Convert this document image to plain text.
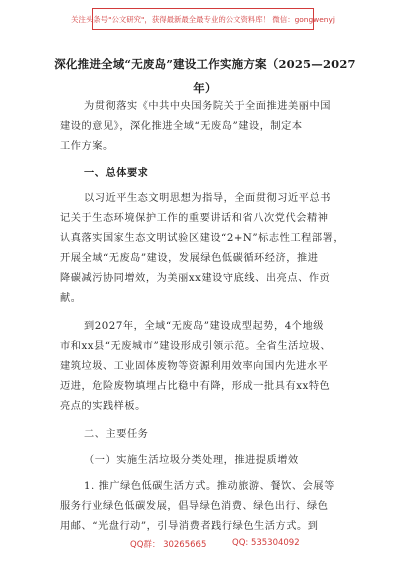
关注头条号"公文研究"，获得最新最全最专业的公文资料库！ 微信：gongwenyj
深化推进全域“无废岛”建设工作实施方案（2025—2027
年）
为贯彻落实《中共中央国务院关于全面推进美丽中国
建设的意见》，深化推进全域“无废岛”建设，制定本
工作方案。
一、总体要求
以习近平生态文明思想为指导，全面贯彻习近平总书
记关于生态环境保护工作的重要讲话和省八次党代会精神
认真落实国家生态文明试验区建设“2+N”标志性工程部署，
开展全域“无废岛”建设，发展绿色低碳循环经济，推进
降碳减污协同增效，为美丽xx建设守底线、出亮点、作贡
献。
到2027年，全域“无废岛”建设成型起势，4个地级
市和xx县“无废城市”建设形成引领示范。全省生活垃圾、
建筑垃圾、工业固体废物等资源利用效率向国内先进水平
迈进，危险废物填埋占比稳中有降，形成一批具有xx特色
亮点的实践样板。
二、主要任务
（一）实施生活垃圾分类处理，推进提质增效
1. 推广绿色低碳生活方式。推动旅游、餐饮、会展等
服务行业绿色低碳发展，倡导绿色消费、绿色出行、绿色
用邮、“光盘行动”，引导消费者践行绿色生活方式。到
QQ群： 30265665	QQ: 535304092
